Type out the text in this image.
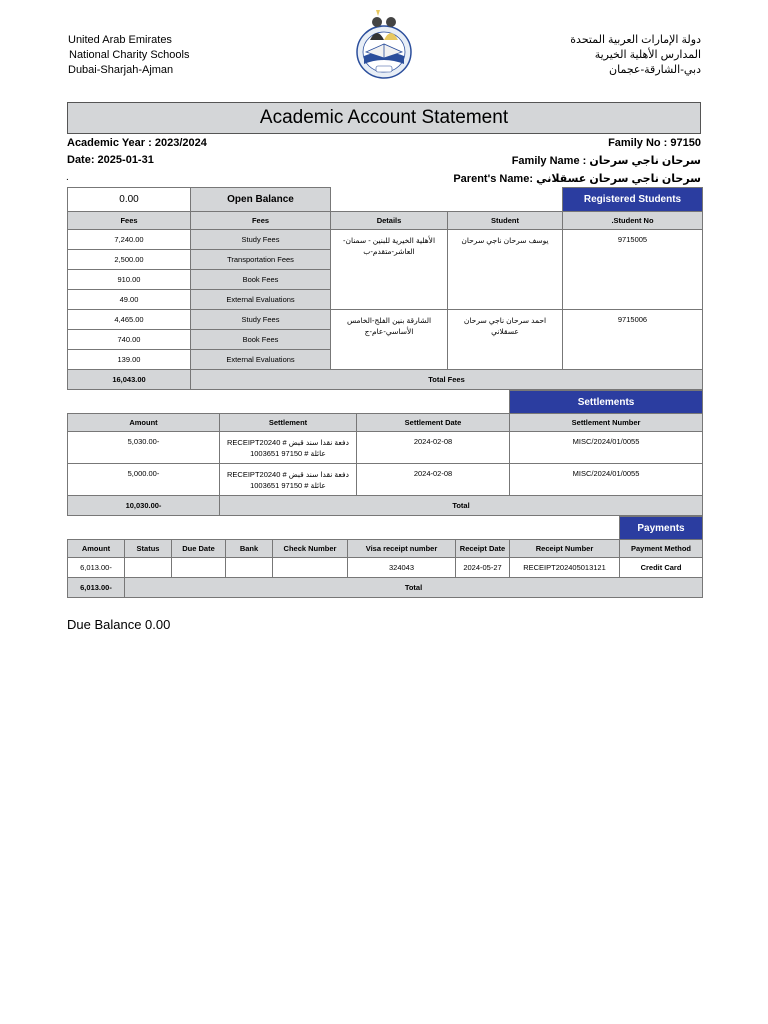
United Arab Emirates
National Charity Schools
Dubai-Sharjah-Ajman
دولة الإمارات العربية المتحدة
المدارس الأهلية الخيرية
دبي-الشارقة-عجمان
Academic Account Statement
Academic Year : 2023/2024	Family No : 97150
Date: 2025-01-31	Family Name : سرحان ناجي سرحان
Parent's Name: سرحان ناجي سرحان عسقلاني
.
0.00	Open Balance			Registered Students
Fees	Fees	Details	Student	Student No.
7,240.00	Study Fees	الأهلية الخيرية للبنين - سمنان-العاشر-متقدم-ب	يوسف سرحان ناجي سرحان	9715005
2,500.00	Transportation Fees			
910.00	Book Fees			
49.00	External Evaluations			
4,465.00	Study Fees	الشارقة بنين الفلج-الخامس الأساسي-عام-ج	احمد سرحان ناجي سرحان عسقلاني	9715006
740.00	Book Fees			
139.00	External Evaluations			
16,043.00	Total Fees			
			Settlements
Amount	Settlement	Settlement Date	Settlement Number
5,030.00-	دفعة نقدا سند قبض # RECEIPT20240 عائلة # 97150 1003651	2024-02-08	MISC/2024/01/0055
5,000.00-	دفعة نقدا سند قبض # RECEIPT20240 عائلة # 97150 1003651	2024-02-08	MISC/2024/01/0055
10,030.00-	Total		
								Payments
Amount	Status	Due Date	Bank	Check Number	Visa receipt number	Receipt Date	Receipt Number	Payment Method
6,013.00-					324043	2024-05-27	RECEIPT202405013121	Credit Card
6,013.00-	Total							
Due Balance 0.00
